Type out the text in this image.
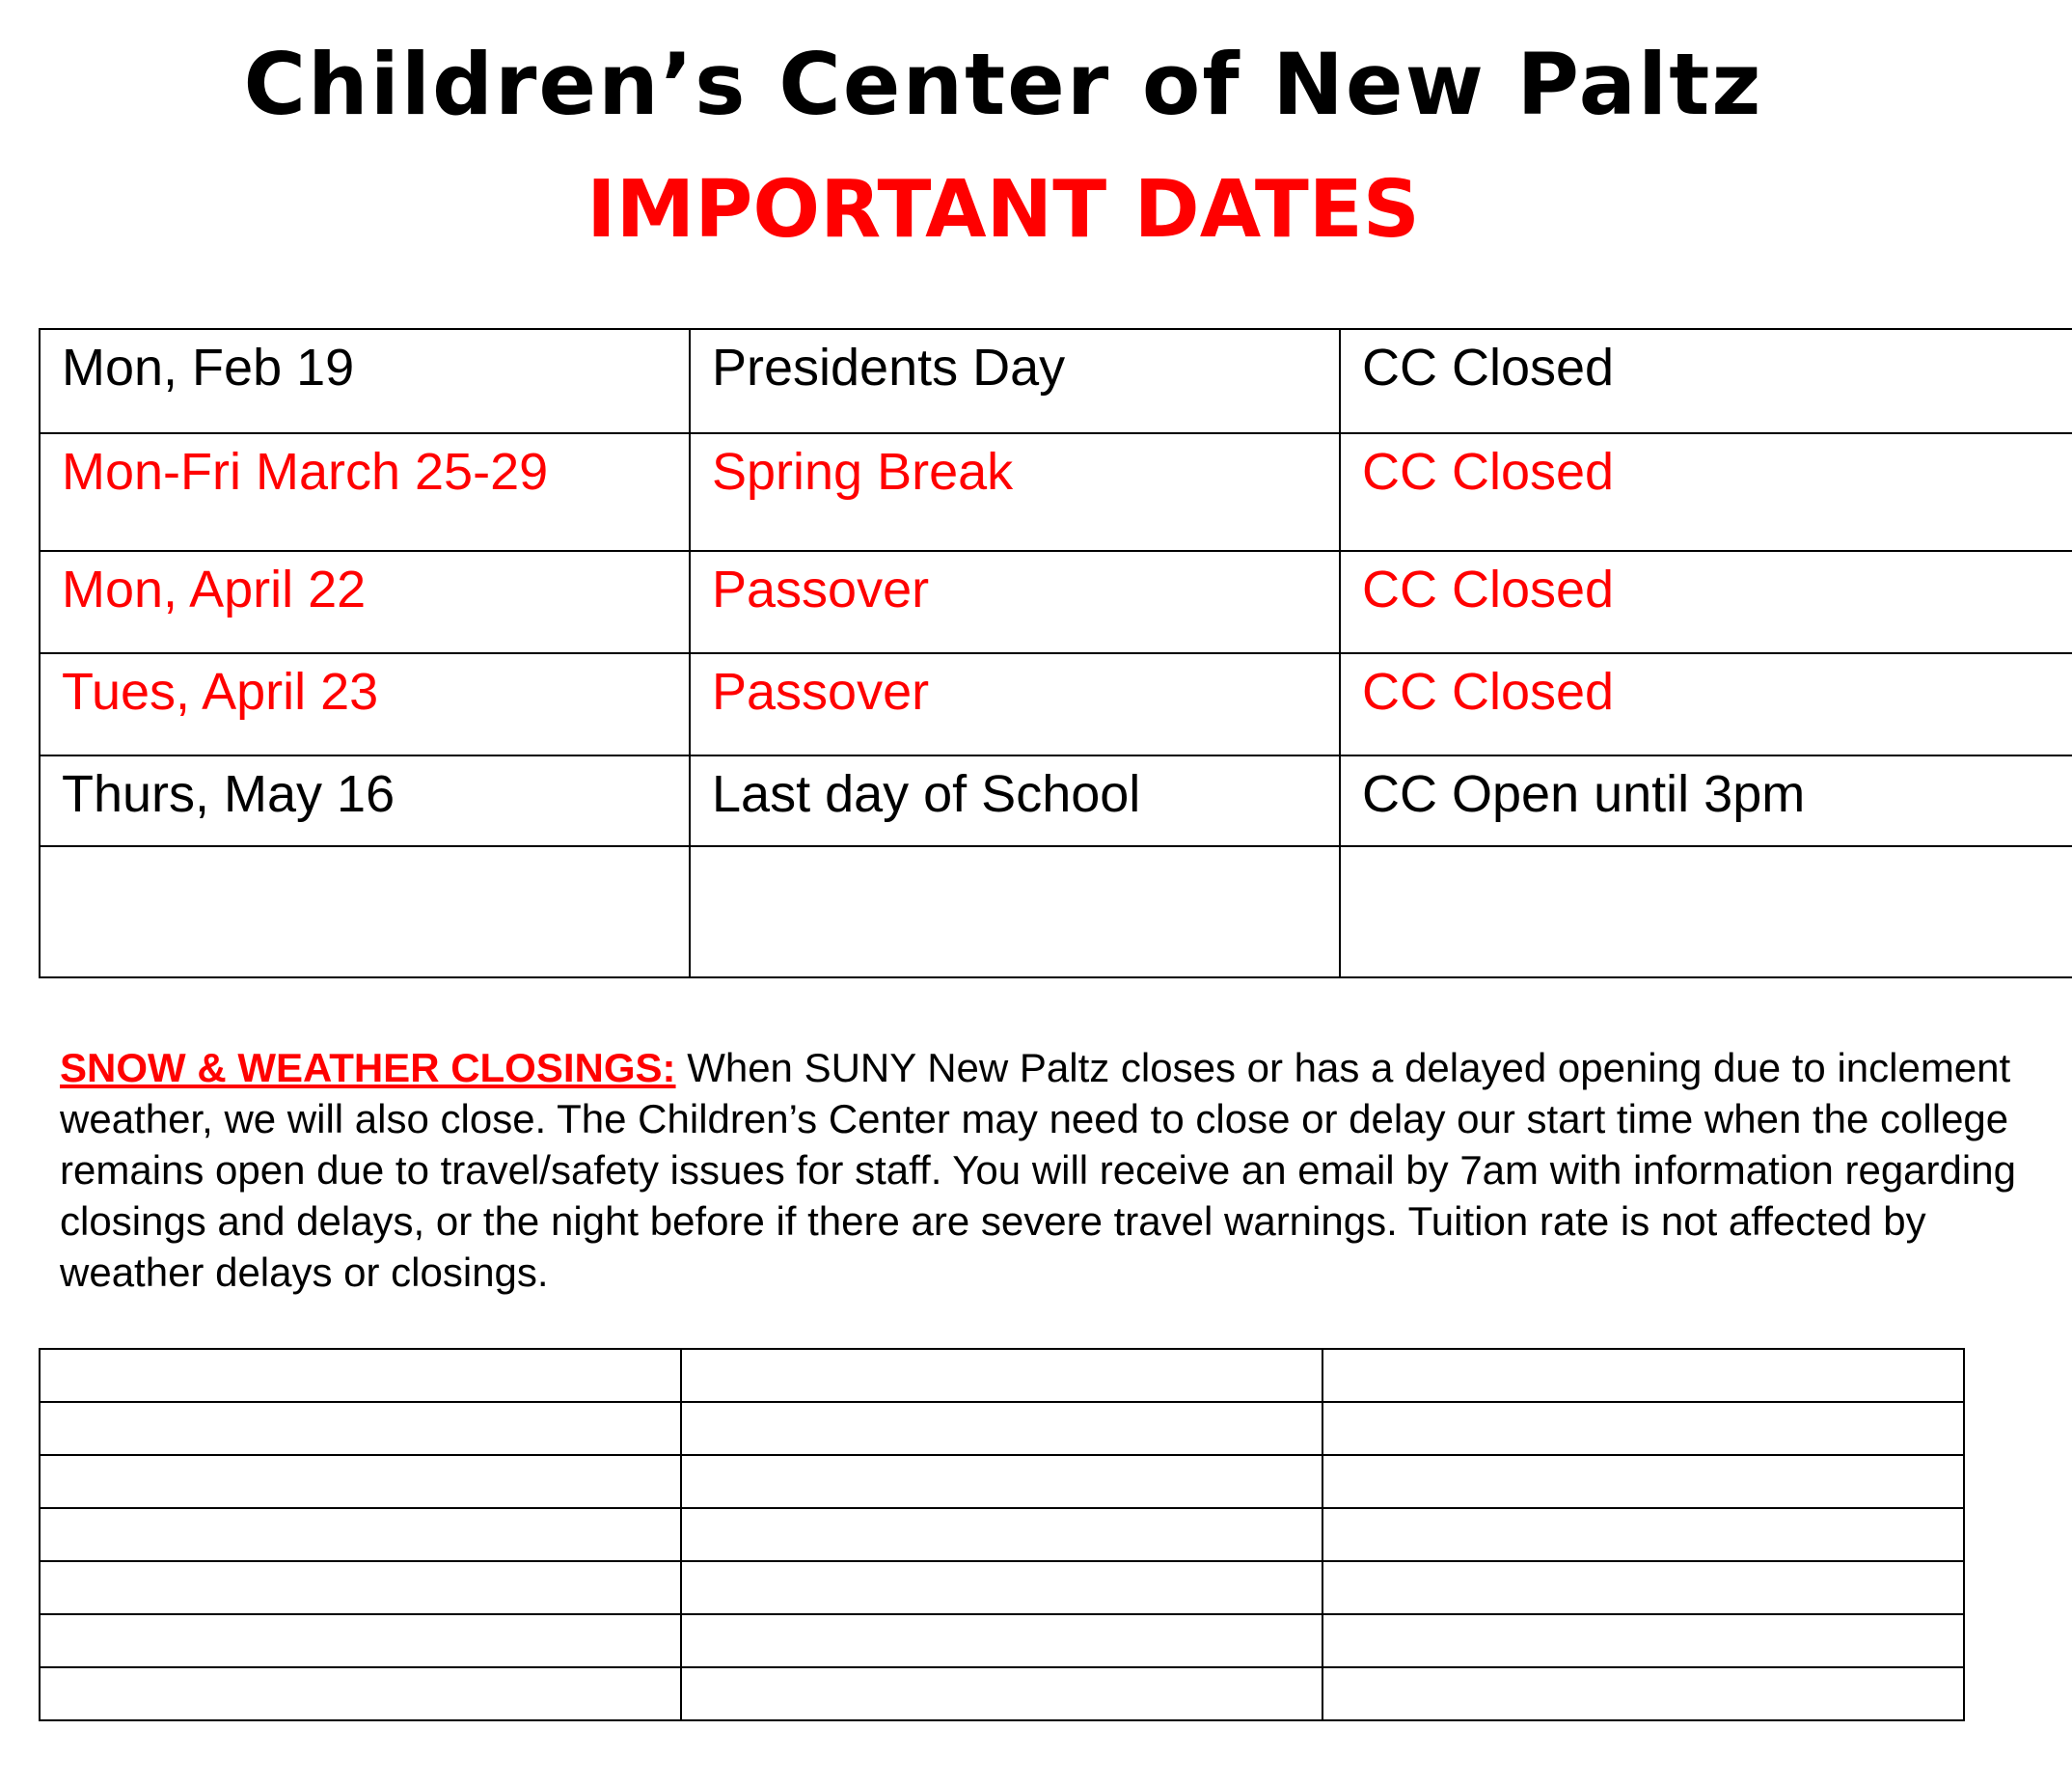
Children’s Center of New Paltz
IMPORTANT DATES
Mon, Feb 19	Presidents Day	CC Closed
Mon-Fri March 25-29	Spring Break	CC Closed
Mon, April 22	Passover	CC Closed
Tues, April 23	Passover	CC Closed
Thurs, May 16	Last day of School	CC Open until 3pm

SNOW & WEATHER CLOSINGS: When SUNY New Paltz closes or has a delayed opening due to inclement weather, we will also close. The Children’s Center may need to close or delay our start time when the college remains open due to travel/safety issues for staff. You will receive an email by 7am with information regarding closings and delays, or the night before if there are severe travel warnings. Tuition rate is not affected by weather delays or closings.
